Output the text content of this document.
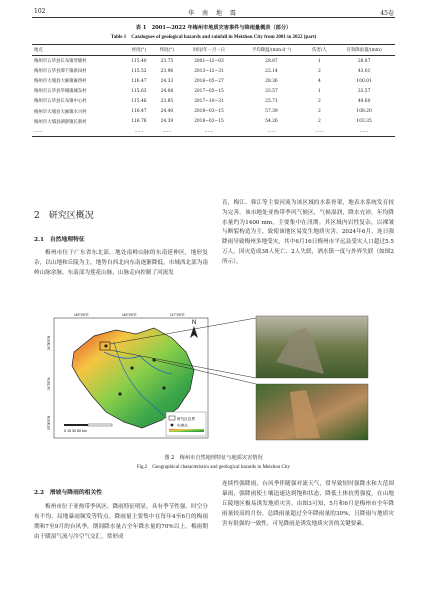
102	华 南 地 震	45卷
表 1　2001—2022 年梅州市地质灾害事件与降雨量概表（部分）
Table 1　Catalogues of geological hazards and rainfall in Meizhou City from 2001 to 2022 (part)
地点	经度(°)	纬度(°)	时间/年－月－日	平均降温/(mm·d⁻¹)	伤害/人	有效降雨量/(mm)
梅州市五华县长布镇琴塘村	115.40	23.75	2001−12−03	28.87	1	28.87
梅州市五华县潭下镇新田村	115.52	23.96	2013−12−31	22.14	2	43.01
梅州市大埔县大麻镇麻西村	116.47	24.33	2016−05−27	28.36	4	100.01
梅州市五华县华城镇城东村	115.63	24.08	2017−05−15	33.57	1	33.57
梅州市五华县长布镇中心村	115.46	23.85	2017−10−31	25.71	2	49.60
梅州市大埔县大麻镇水兴村	116.47	24.40	2018−03−15	57.39	2	108.20
梅州市大埔县湖寮镇长新村	116.76	24.39	2018−03−15	54.26	2	103.35
……	……	……	……	……	……	……
2　研究区概况
2.1　自然地理特征
梅州市位于广东省东北部，地处南岭山脉的东南延伸区，地形复杂，以山地和丘陵为主，地势自西北向东南逐渐降低。市域西北部为南岭山脉余脉，东南部为莲花山脉，山脉走向控制了河流发
育，梅江、韩江等主要河流为该区域的水系骨架，地表水系统发育较为完善。该市地处亚热带季风气候区，气候湿润，降水充沛，年均降水量约为1400 mm，主要集中在汛期。其区域内岩性复杂，以裸皱与断裂构造为主，致使该地区易发生地质灾害。2024年6月，连日强降雨导致梅州多地受灾，其中6月16日梅州市平远县受灾人口超过5.5万人，因灾造成38人死亡、2人失联，酒水镇一度与外界失联（如图2所示）。
N
研究区边界
灾害点
0 15 30 60 km
115°0'0"E	116°0'0"E	117°0'0"E
24°30'0"N
24°0'0"N
23°30'0"N
图 2　梅州市自然地理特征与地质灾害情况
Fig.2　Geographical characteristics and geological hazards in Meizhou City
2.2　滑坡与降雨的相关性
梅州市位于亚热带季风区，降雨特征明显，具有季节性强、时空分布不均、局地暴雨频发等特点。降雨量主要集中在每年4至6月的梅雨期和7至9月的台风季，期间降水量占全年降水量的70%以上。梅雨期由于暖湿气流与冷空气交汇，常形成
连续性强降雨，台风季伴随强对流天气，常导致短时强降水和大范围暴雨，强降雨使土壤迅速达到饱和状态，降低土体抗剪强度，在山地丘陵地区极易诱发地质灾害。由图3可知，5月和6月是梅州市全年降雨量较高的月份，总降雨量超过全年降雨量的30%，且降雨与地质灾害有很强的一致性，可见降雨是诱发地质灾害的关键要素。
